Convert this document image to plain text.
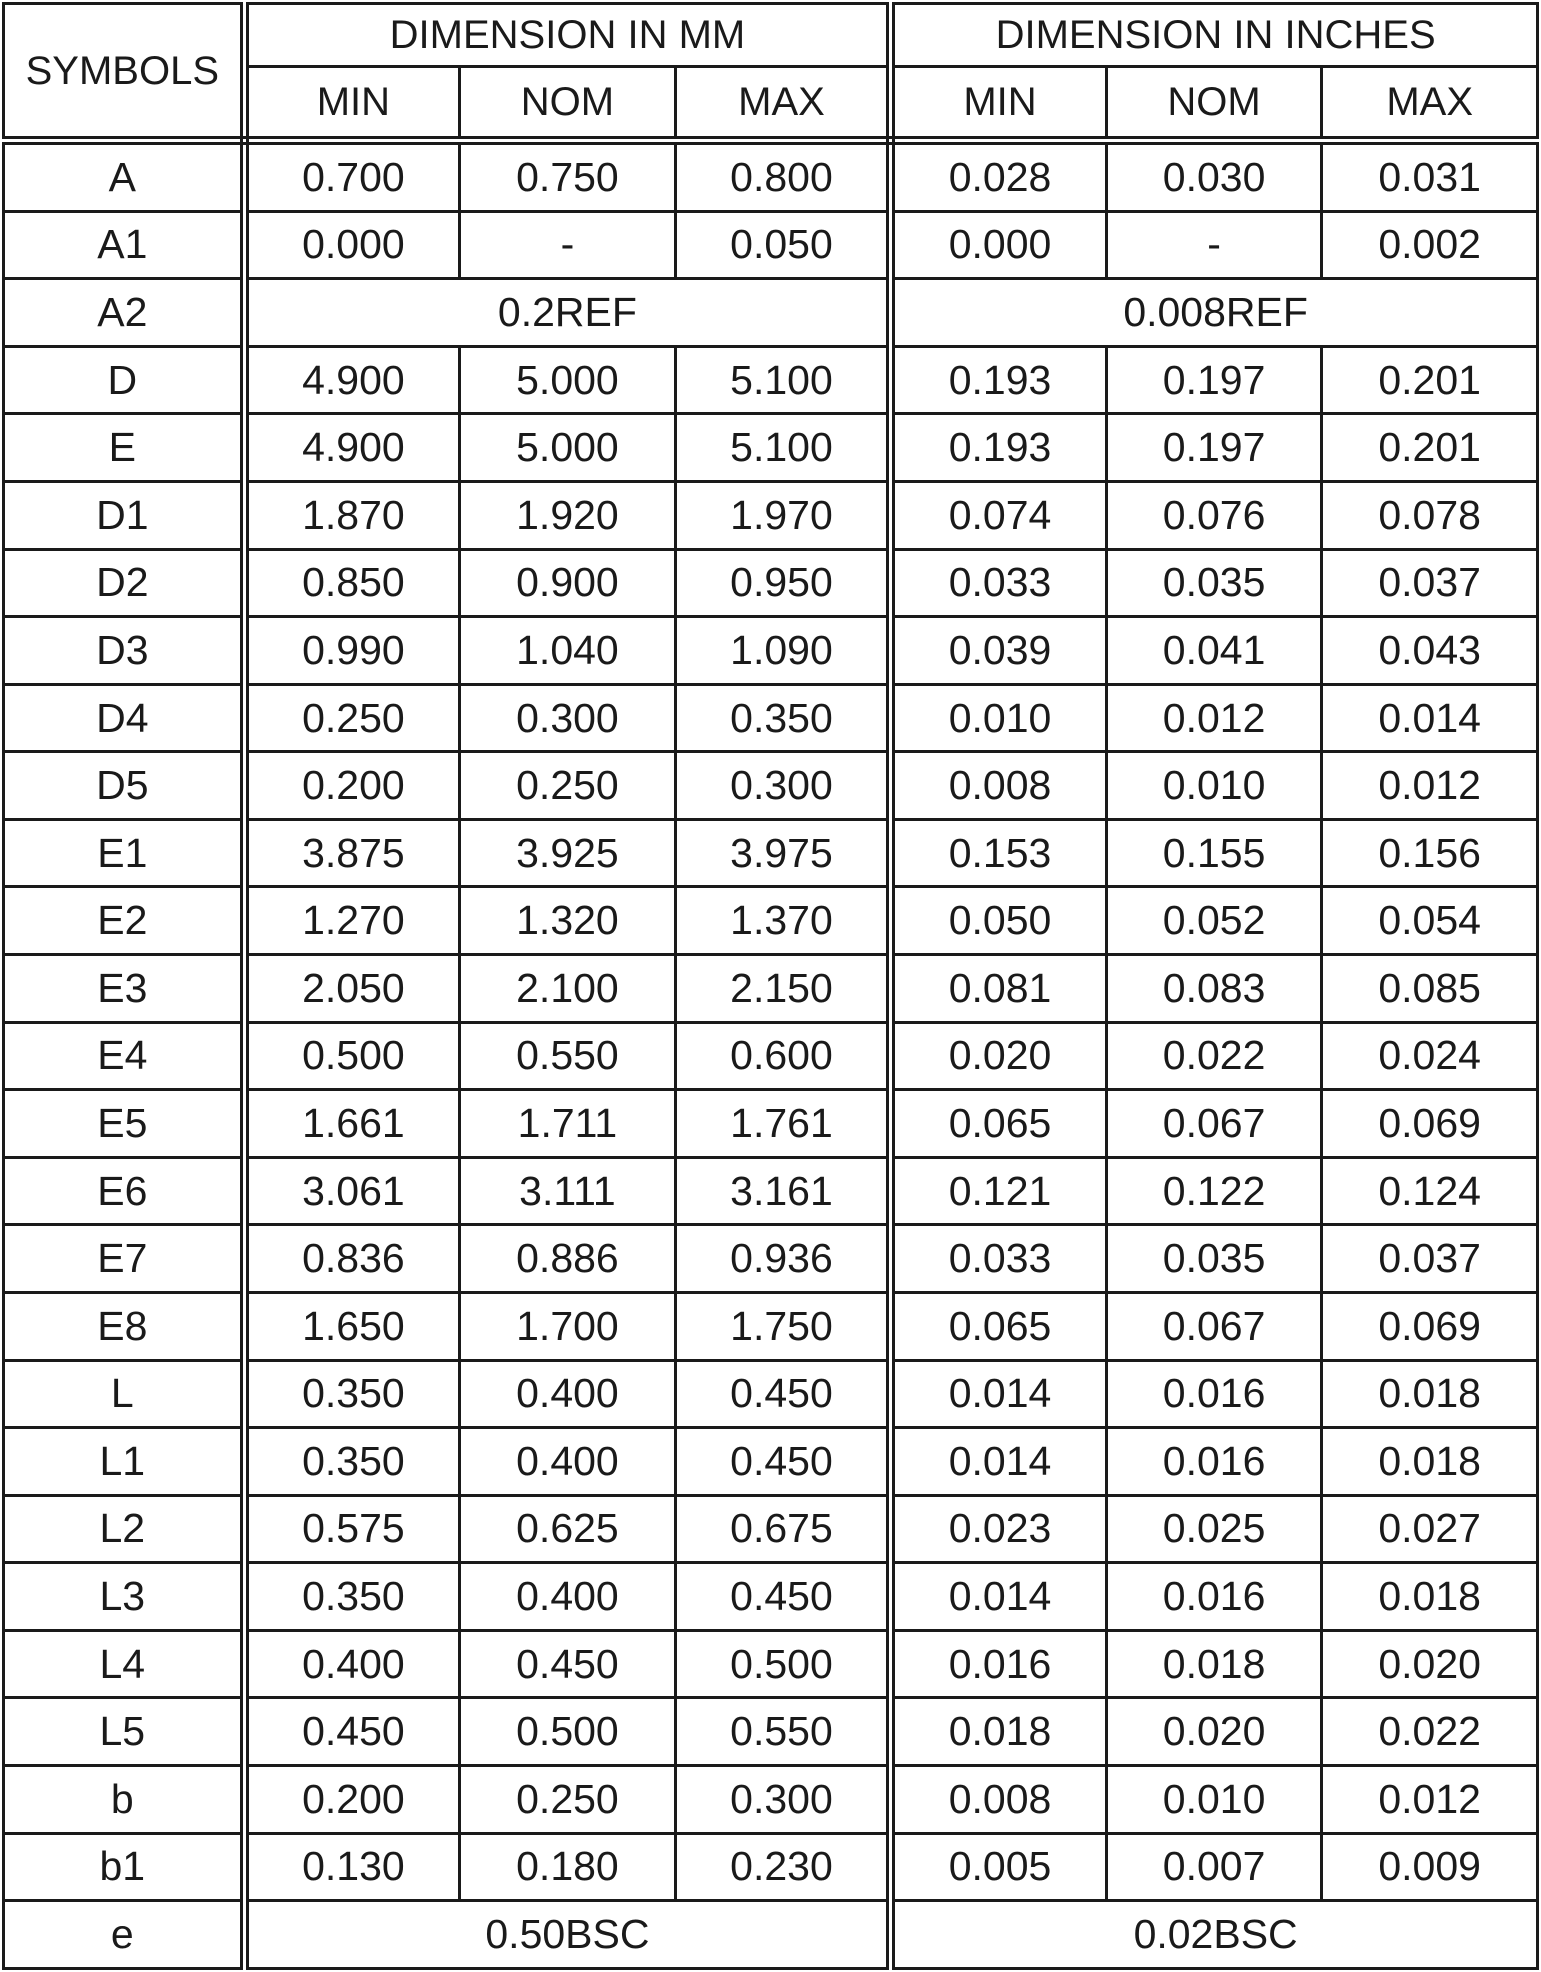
SYMBOLS	DIMENSION IN MM			DIMENSION IN INCHES		
	MIN	NOM	MAX	MIN	NOM	MAX
A	0.700	0.750	0.800	0.028	0.030	0.031
A1	0.000	-	0.050	0.000	-	0.002
A2	0.2REF			0.008REF		
D	4.900	5.000	5.100	0.193	0.197	0.201
E	4.900	5.000	5.100	0.193	0.197	0.201
D1	1.870	1.920	1.970	0.074	0.076	0.078
D2	0.850	0.900	0.950	0.033	0.035	0.037
D3	0.990	1.040	1.090	0.039	0.041	0.043
D4	0.250	0.300	0.350	0.010	0.012	0.014
D5	0.200	0.250	0.300	0.008	0.010	0.012
E1	3.875	3.925	3.975	0.153	0.155	0.156
E2	1.270	1.320	1.370	0.050	0.052	0.054
E3	2.050	2.100	2.150	0.081	0.083	0.085
E4	0.500	0.550	0.600	0.020	0.022	0.024
E5	1.661	1.711	1.761	0.065	0.067	0.069
E6	3.061	3.111	3.161	0.121	0.122	0.124
E7	0.836	0.886	0.936	0.033	0.035	0.037
E8	1.650	1.700	1.750	0.065	0.067	0.069
L	0.350	0.400	0.450	0.014	0.016	0.018
L1	0.350	0.400	0.450	0.014	0.016	0.018
L2	0.575	0.625	0.675	0.023	0.025	0.027
L3	0.350	0.400	0.450	0.014	0.016	0.018
L4	0.400	0.450	0.500	0.016	0.018	0.020
L5	0.450	0.500	0.550	0.018	0.020	0.022
b	0.200	0.250	0.300	0.008	0.010	0.012
b1	0.130	0.180	0.230	0.005	0.007	0.009
e	0.50BSC			0.02BSC		
